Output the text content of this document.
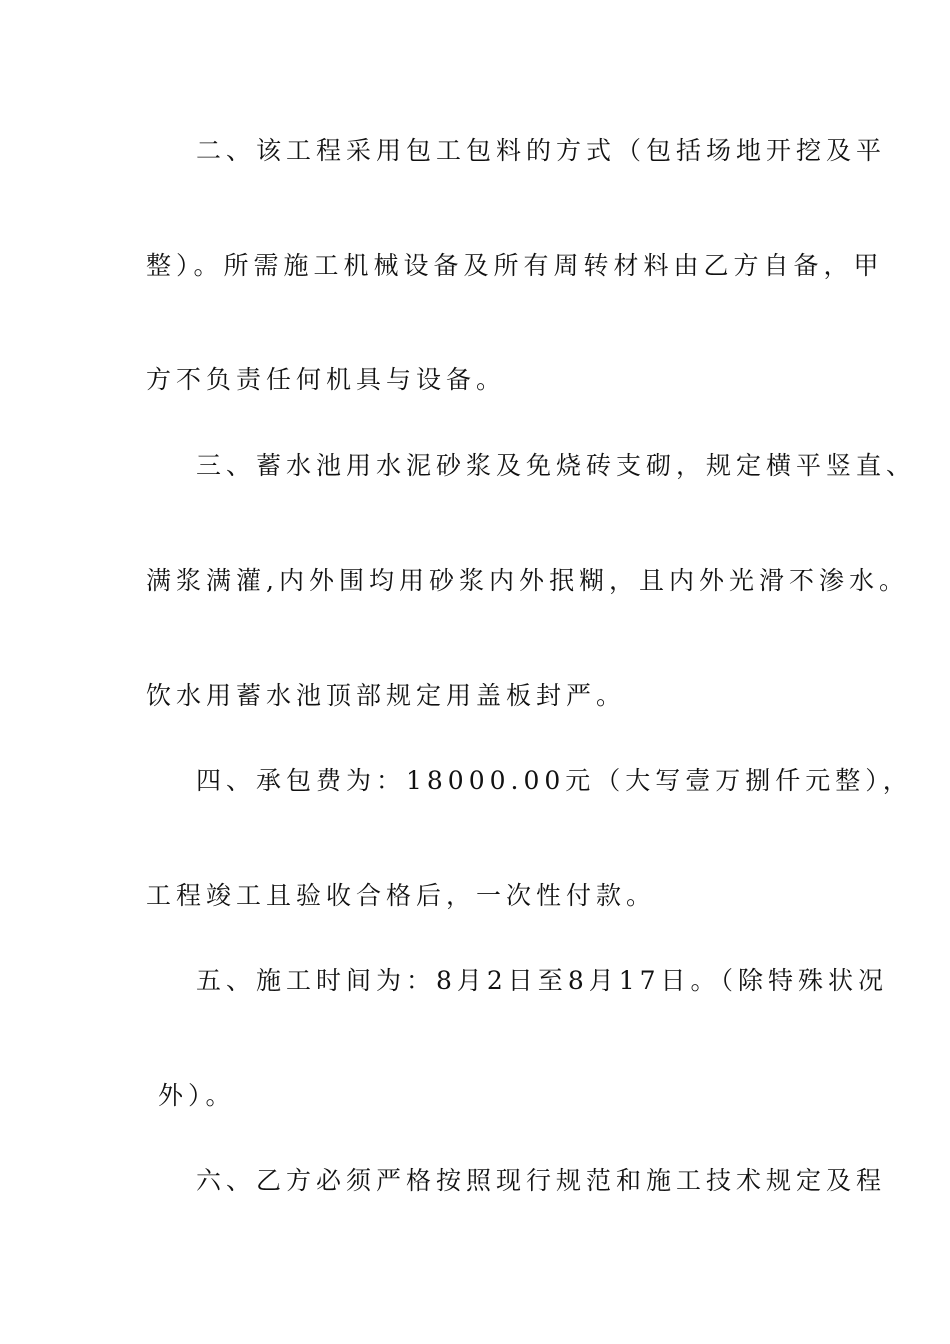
二、该工程采用包工包料的方式（包括场地开挖及平
整）。所需施工机械设备及所有周转材料由乙方自备，甲
方不负责任何机具与设备。
三、蓄水池用水泥砂浆及免烧砖支砌，规定横平竖直、
满浆满灌,内外围均用砂浆内外抿糊，且内外光滑不渗水。
饮水用蓄水池顶部规定用盖板封严。
四、承包费为：18000.00元（大写壹万捌仟元整），
工程竣工且验收合格后，一次性付款。
五、施工时间为：8月2日至8月17日。（除特殊状况
外）。
六、乙方必须严格按照现行规范和施工技术规定及程
